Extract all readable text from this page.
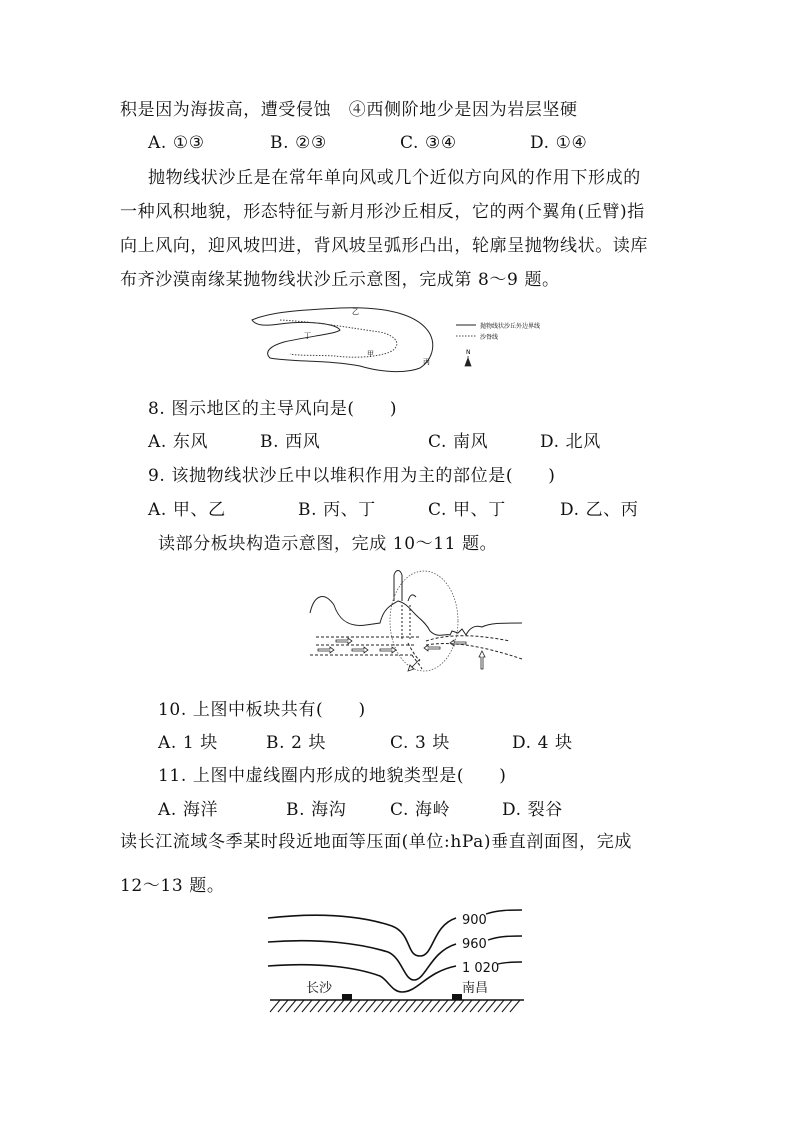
积是因为海拔高，遭受侵蚀　④西侧阶地少是因为岩层坚硬
A. ①③	B. ②③	C. ③④	D. ①④
抛物线状沙丘是在常年单向风或几个近似方向风的作用下形成的
一种风积地貌，形态特征与新月形沙丘相反，它的两个翼角(丘臂)指
向上风向，迎风坡凹进，背风坡呈弧形凸出，轮廓呈抛物线状。读库
布齐沙漠南缘某抛物线状沙丘示意图，完成第 8～9 题。
乙
丁
甲
丙
抛物线状沙丘外边界线
沙脊线
N
8. 图示地区的主导风向是(　　)
A. 东风	B. 西风	C. 南风	D. 北风
9. 该抛物线状沙丘中以堆积作用为主的部位是(　　)
A. 甲、乙	B. 丙、丁	C. 甲、丁	D. 乙、丙
读部分板块构造示意图，完成 10～11 题。
10. 上图中板块共有(　　)
A. 1 块	B. 2 块	C. 3 块	D. 4 块
11. 上图中虚线圈内形成的地貌类型是(　　)
A. 海洋	B. 海沟	C. 海岭	D. 裂谷
读长江流域冬季某时段近地面等压面(单位:hPa)垂直剖面图，完成
12～13 题。
900
960
1 020
长沙	南昌
